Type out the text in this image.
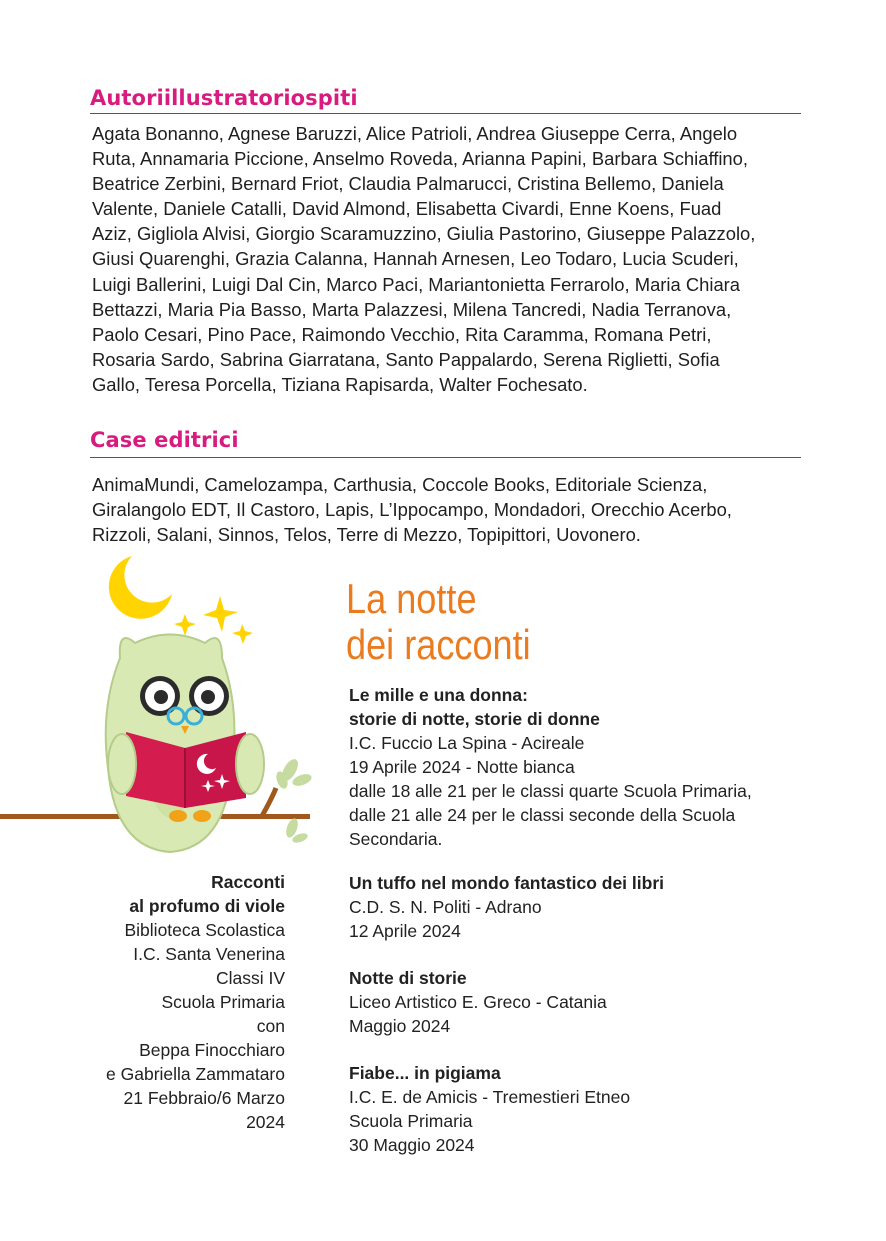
Autoriillustratoriospiti
Agata Bonanno, Agnese Baruzzi, Alice Patrioli, Andrea Giuseppe Cerra, Angelo
Ruta, Annamaria Piccione, Anselmo Roveda, Arianna Papini, Barbara Schiaffino,
Beatrice Zerbini, Bernard Friot, Claudia Palmarucci, Cristina Bellemo, Daniela
Valente, Daniele Catalli, David Almond, Elisabetta Civardi, Enne Koens, Fuad
Aziz, Gigliola Alvisi, Giorgio Scaramuzzino, Giulia Pastorino, Giuseppe Palazzolo,
Giusi Quarenghi, Grazia Calanna, Hannah Arnesen, Leo Todaro, Lucia Scuderi,
Luigi Ballerini, Luigi Dal Cin, Marco Paci, Mariantonietta Ferrarolo, Maria Chiara
Bettazzi, Maria Pia Basso, Marta Palazzesi, Milena Tancredi, Nadia Terranova,
Paolo Cesari, Pino Pace, Raimondo Vecchio, Rita Caramma, Romana Petri,
Rosaria Sardo, Sabrina Giarratana, Santo Pappalardo, Serena Riglietti, Sofia
Gallo, Teresa Porcella, Tiziana Rapisarda, Walter Fochesato.
Case editrici
AnimaMundi, Camelozampa, Carthusia, Coccole Books, Editoriale Scienza,
Giralangolo EDT, Il Castoro, Lapis, L’Ippocampo, Mondadori, Orecchio Acerbo,
Rizzoli, Salani, Sinnos, Telos, Terre di Mezzo, Topipittori, Uovonero.
La notte
dei racconti
Le mille e una donna:
storie di notte, storie di donne
I.C. Fuccio La Spina - Acireale
19 Aprile 2024 - Notte bianca
dalle 18 alle 21 per le classi quarte Scuola Primaria,
dalle 21 alle 24 per le classi seconde della Scuola
Secondaria.
Un tuffo nel mondo fantastico dei libri
C.D. S. N. Politi - Adrano
12 Aprile 2024
Notte di storie
Liceo Artistico E. Greco - Catania
Maggio 2024
Fiabe... in pigiama
I.C. E. de Amicis - Tremestieri Etneo
Scuola Primaria
30 Maggio 2024
Racconti
al profumo di viole
Biblioteca Scolastica
I.C. Santa Venerina
Classi IV
Scuola Primaria
con
Beppa Finocchiaro
e Gabriella Zammataro
21 Febbraio/6 Marzo
2024
